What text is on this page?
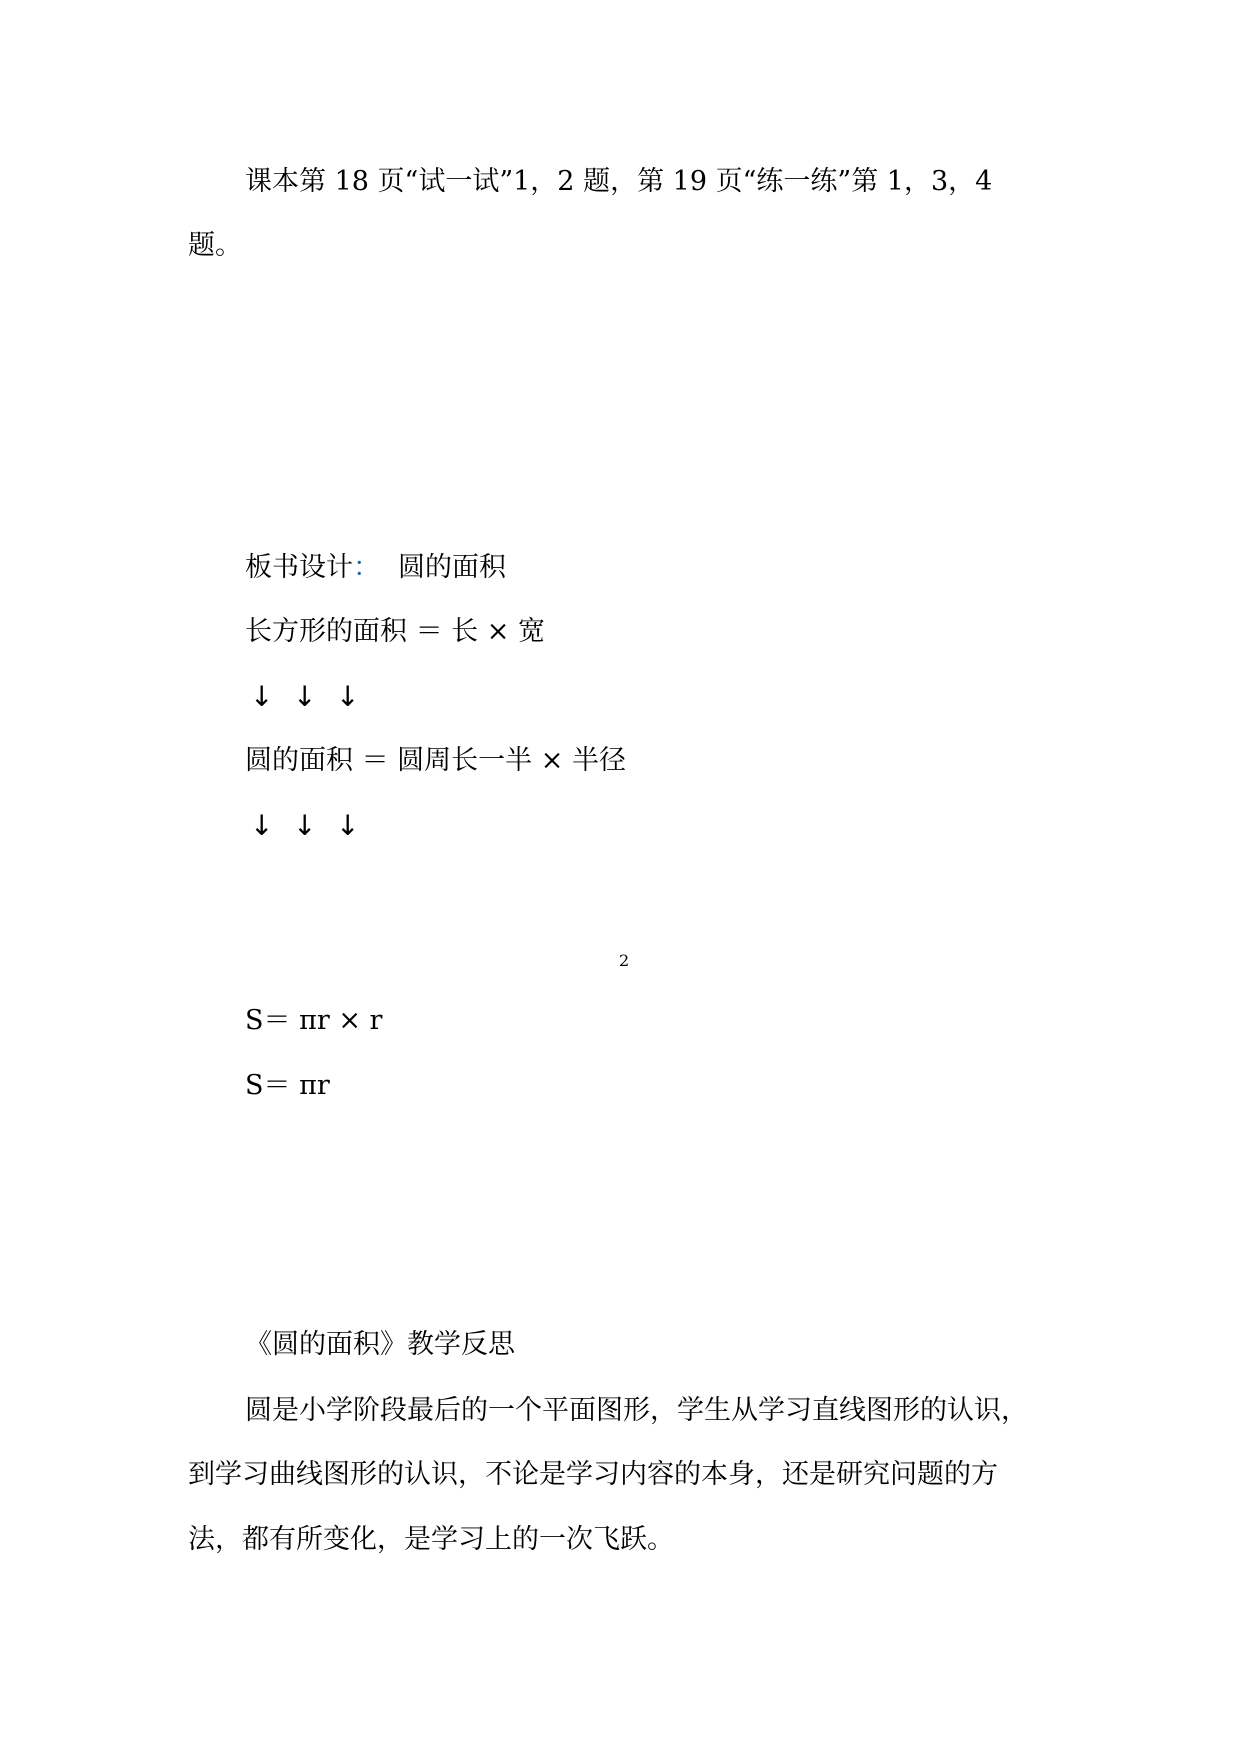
课本第 18 页“试一试”1，2 题，第 19 页“练一练”第 1，3，4
题。
板书设计： 圆的面积
长方形的面积 ＝ 长 × 宽
↓ ↓ ↓
圆的面积 ＝ 圆周长一半 × 半径
↓ ↓ ↓
2
S＝ πr × r
S＝ πr
《圆的面积》教学反思
圆是小学阶段最后的一个平面图形，学生从学习直线图形的认识，
到学习曲线图形的认识，不论是学习内容的本身，还是研究问题的方
法，都有所变化，是学习上的一次飞跃。
